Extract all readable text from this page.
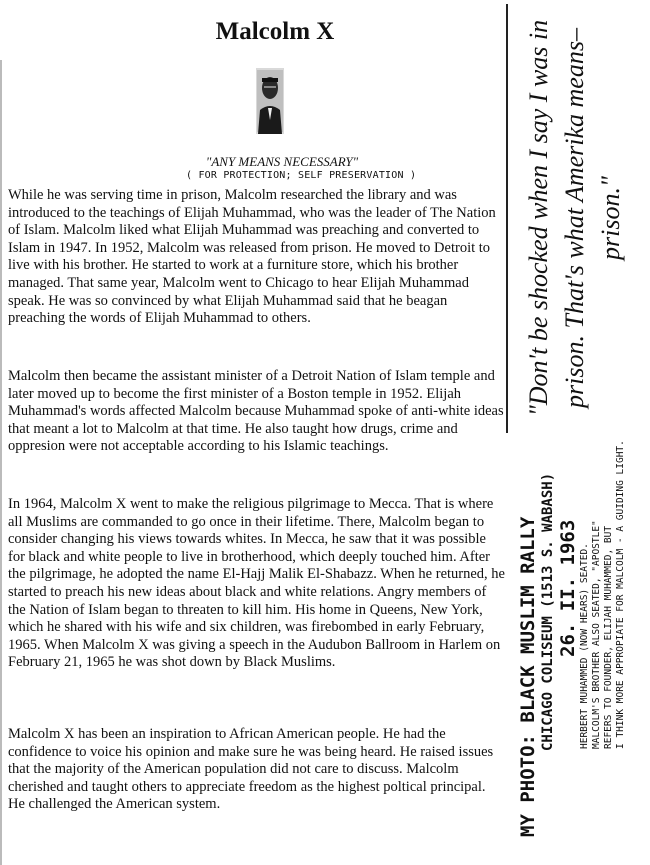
Malcolm X
"ANY MEANS NECESSARY"
( FOR PROTECTION; SELF PRESERVATION )

While he was serving time in prison, Malcolm researched the library and was introduced to the teachings of Elijah Muhammad, who was the leader of The Nation of Islam. Malcolm liked what Elijah Muhammad was preaching and converted to Islam in 1947. In 1952, Malcolm was released from prison. He moved to Detroit to live with his brother. He started to work at a furniture store, which his brother managed. That same year, Malcolm went to Chicago to hear Elijah Muhammad speak. He was so convinced by what Elijah Muhammad said that he beagan preaching the words of Elijah Muhammad to others.

Malcolm then became the assistant minister of a Detroit Nation of Islam temple and later moved up to become the first minister of a Boston temple in 1952. Elijah Muhammad's words affected Malcolm because Muhammad spoke of anti-white ideas that meant a lot to Malcolm at that time. He also taught how drugs, crime and oppresion were not acceptable according to his Islamic teachings.

In 1964, Malcolm X went to make the religious pilgrimage to Mecca. That is where all Muslims are commanded to go once in their lifetime. There, Malcolm began to consider changing his views towards whites. In Mecca, he saw that it was possible for black and white people to live in brotherhood, which deeply touched him. After the pilgrimage, he adopted the name El-Hajj Malik El-Shabazz. When he returned, he started to preach his new ideas about black and white relations. Angry members of the Nation of Islam began to threaten to kill him. His home in Queens, New York, which he shared with his wife and six children, was firebombed in early February, 1965. When Malcolm X was giving a speech in the Audubon Ballroom in Harlem on February 21, 1965 he was shot down by Black Muslims.

Malcolm X has been an inspiration to African American people. He had the confidence to voice his opinion and make sure he was being heard. He raised issues that the majority of the American population did not care to discuss. Malcolm cherished and taught others to appreciate freedom as the highest poltical principal. He challenged the American system.

"Don't be shocked when I say I was in prison. That's what Amerika means–prison."
MY PHOTO: BLACK MUSLIM RALLY CHICAGO COLISEUM (1513 S. WABASH) 26. II. 1963 HERBERT MUHAMMED (NOW HEARS) SEATED. MALCOLM'S BROTHER ALSO SEATED, "APOSTLE" REFERS TO FOUNDER, ELIJAH MUHAMMED, BUT I THINK MORE APPROPIATE FOR MALCOLM - A GUIDING LIGHT.
